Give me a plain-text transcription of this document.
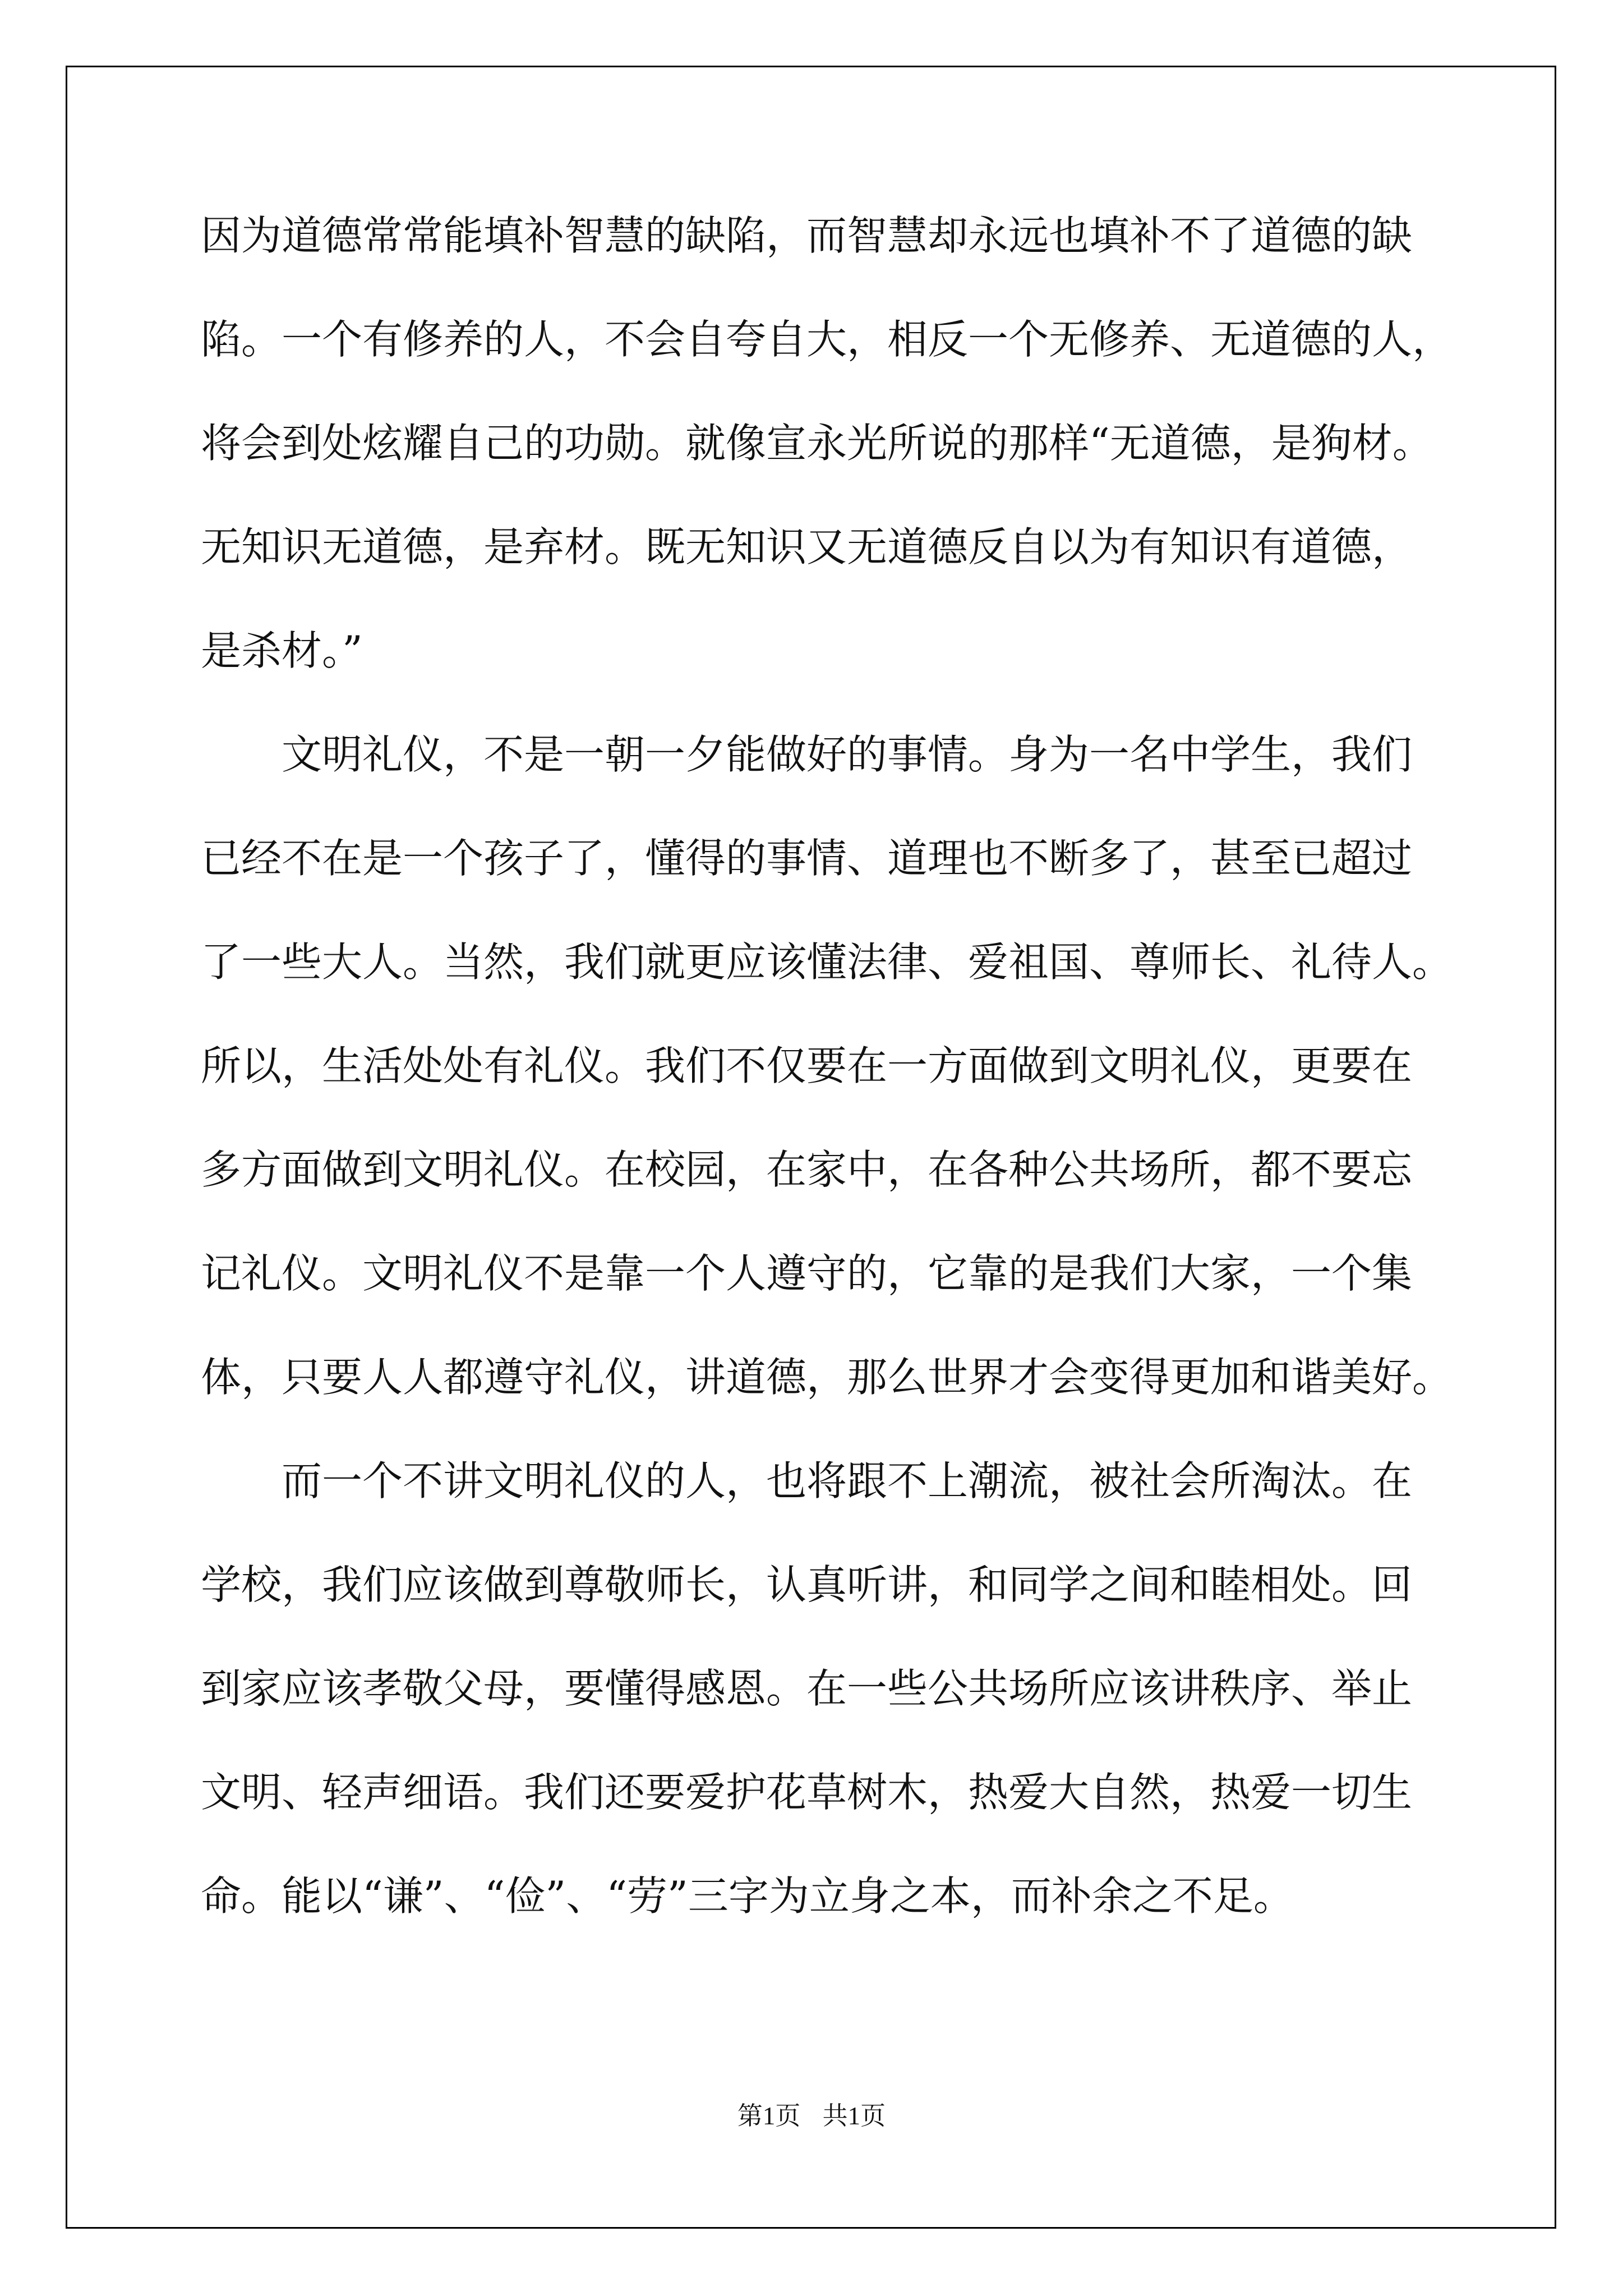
因为道德常常能填补智慧的缺陷，而智慧却永远也填补不了道德的缺
陷。一个有修养的人，不会自夸自大，相反一个无修养、无道德的人，
将会到处炫耀自己的功勋。就像宣永光所说的那样“无道德，是狗材。
无知识无道德，是弃材。既无知识又无道德反自以为有知识有道德，
是杀材。”
　　文明礼仪，不是一朝一夕能做好的事情。身为一名中学生，我们
已经不在是一个孩子了，懂得的事情、道理也不断多了，甚至已超过
了一些大人。当然，我们就更应该懂法律、爱祖国、尊师长、礼待人。
所以，生活处处有礼仪。我们不仅要在一方面做到文明礼仪，更要在
多方面做到文明礼仪。在校园，在家中，在各种公共场所，都不要忘
记礼仪。文明礼仪不是靠一个人遵守的，它靠的是我们大家，一个集
体，只要人人都遵守礼仪，讲道德，那么世界才会变得更加和谐美好。
　　而一个不讲文明礼仪的人，也将跟不上潮流，被社会所淘汰。在
学校，我们应该做到尊敬师长，认真听讲，和同学之间和睦相处。回
到家应该孝敬父母，要懂得感恩。在一些公共场所应该讲秩序、举止
文明、轻声细语。我们还要爱护花草树木，热爱大自然，热爱一切生
命。能以“谦”、“俭”、“劳”三字为立身之本，而补余之不足。
第1页 共1页
